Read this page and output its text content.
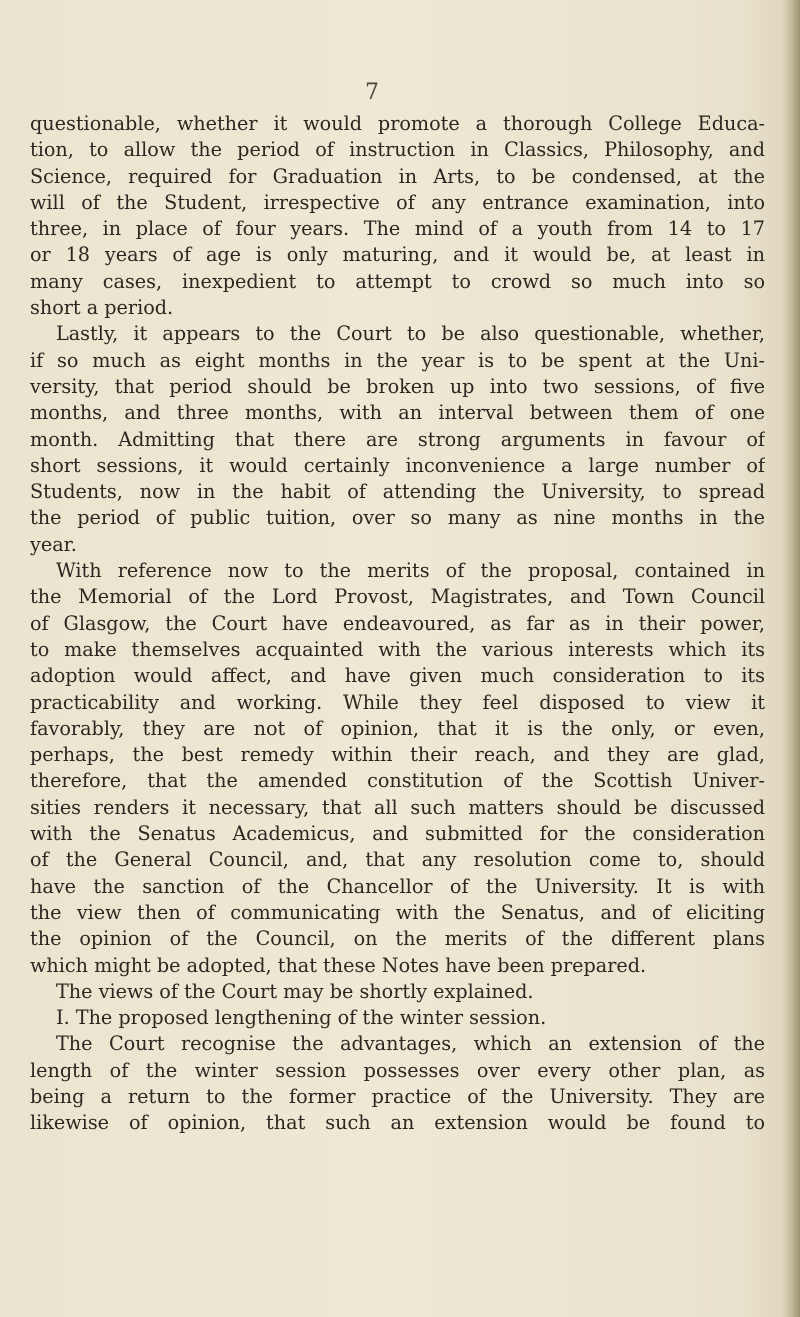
7
questionable, whether it would promote a thorough College Educa-
tion, to allow the period of instruction in Classics, Philosophy, and
Science, required for Graduation in Arts, to be condensed, at the
will of the Student, irrespective of any entrance examination, into
three, in place of four years. The mind of a youth from 14 to 17
or 18 years of age is only maturing, and it would be, at least in
many cases, inexpedient to attempt to crowd so much into so
short a period.
Lastly, it appears to the Court to be also questionable, whether,
if so much as eight months in the year is to be spent at the Uni-
versity, that period should be broken up into two sessions, of five
months, and three months, with an interval between them of one
month. Admitting that there are strong arguments in favour of
short sessions, it would certainly inconvenience a large number of
Students, now in the habit of attending the University, to spread
the period of public tuition, over so many as nine months in the
year.
With reference now to the merits of the proposal, contained in
the Memorial of the Lord Provost, Magistrates, and Town Council
of Glasgow, the Court have endeavoured, as far as in their power,
to make themselves acquainted with the various interests which its
adoption would affect, and have given much consideration to its
practicability and working. While they feel disposed to view it
favorably, they are not of opinion, that it is the only, or even,
perhaps, the best remedy within their reach, and they are glad,
therefore, that the amended constitution of the Scottish Univer-
sities renders it necessary, that all such matters should be discussed
with the Senatus Academicus, and submitted for the consideration
of the General Council, and, that any resolution come to, should
have the sanction of the Chancellor of the University. It is with
the view then of communicating with the Senatus, and of eliciting
the opinion of the Council, on the merits of the different plans
which might be adopted, that these Notes have been prepared.
The views of the Court may be shortly explained.
I. The proposed lengthening of the winter session.
The Court recognise the advantages, which an extension of the
length of the winter session possesses over every other plan, as
being a return to the former practice of the University. They are
likewise of opinion, that such an extension would be found to
